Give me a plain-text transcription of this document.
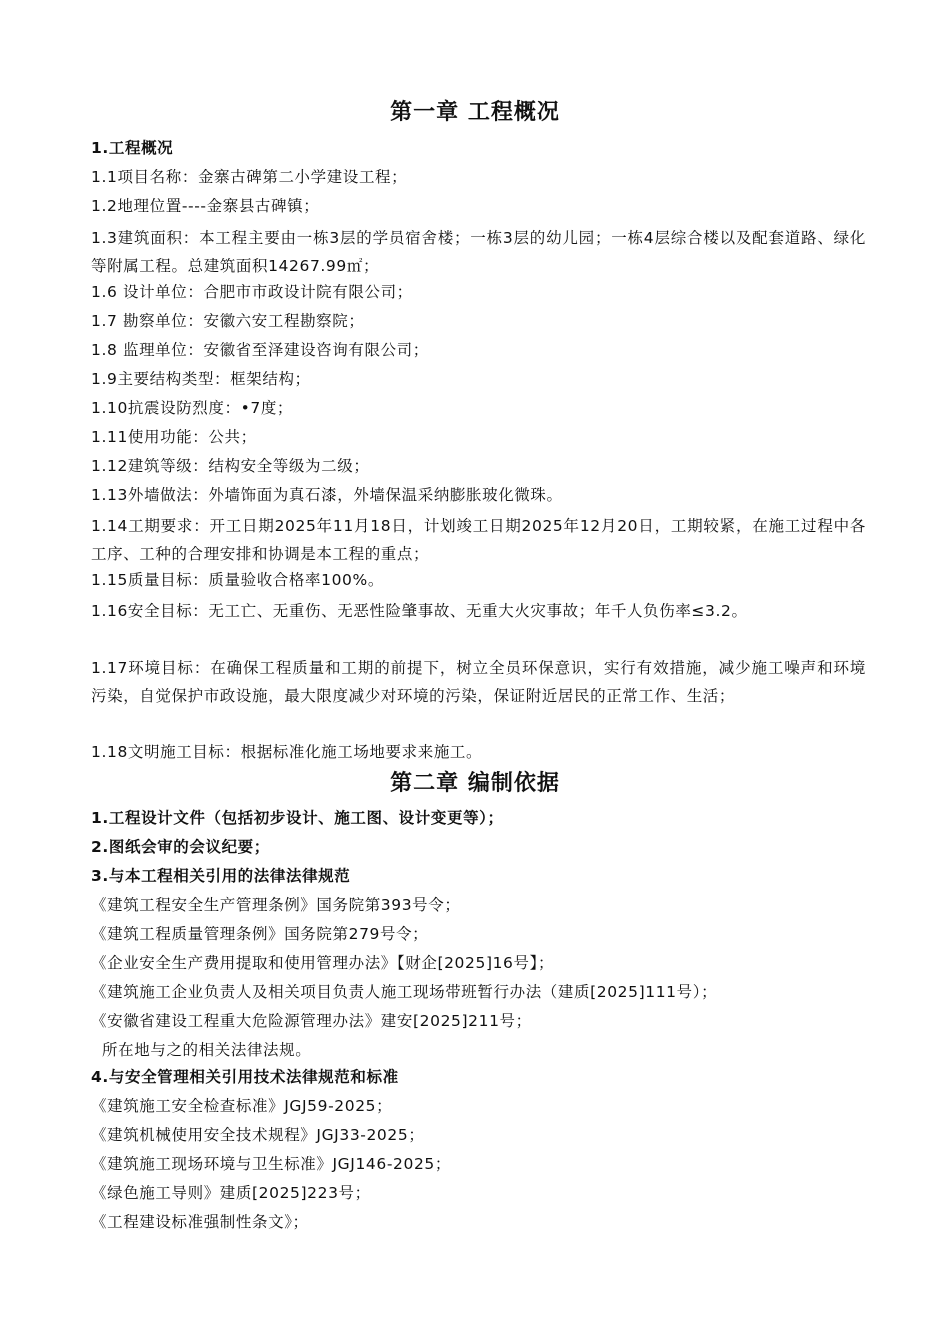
第一章 工程概况
1.工程概况
1.1项目名称：金寨古碑第二小学建设工程；
1.2地理位置----金寨县古碑镇；
1.3建筑面积：本工程主要由一栋3层的学员宿舍楼；一栋3层的幼儿园；一栋4层综合楼以及配套道路、绿化等附属工程。总建筑面积14267.99㎡；
1.6 设计单位：合肥市市政设计院有限公司；
1.7 勘察单位：安徽六安工程勘察院；
1.8 监理单位：安徽省至泽建设咨询有限公司；
1.9主要结构类型：框架结构；
1.10抗震设防烈度：•7度；
1.11使用功能：公共；
1.12建筑等级：结构安全等级为二级；
1.13外墙做法：外墙饰面为真石漆，外墙保温采纳膨胀玻化微珠。
1.14工期要求：开工日期2025年11月18日，计划竣工日期2025年12月20日，工期较紧，在施工过程中各工序、工种的合理安排和协调是本工程的重点；
1.15质量目标：质量验收合格率100%。
1.16安全目标：无工亡、无重伤、无恶性险肇事故、无重大火灾事故；年千人负伤率≤3.2。
1.17环境目标：在确保工程质量和工期的前提下，树立全员环保意识，实行有效措施，减少施工噪声和环境污染，自觉保护市政设施，最大限度减少对环境的污染，保证附近居民的正常工作、生活；
1.18文明施工目标：根据标准化施工场地要求来施工。
第二章 编制依据
1.工程设计文件（包括初步设计、施工图、设计变更等）；
2.图纸会审的会议纪要；
3.与本工程相关引用的法律法律规范
《建筑工程安全生产管理条例》国务院第393号令；
《建筑工程质量管理条例》国务院第279号令；
《企业安全生产费用提取和使用管理办法》【财企[2025]16号】；
《建筑施工企业负责人及相关项目负责人施工现场带班暂行办法（建质[2025]111号）；
《安徽省建设工程重大危险源管理办法》建安[2025]211号；
所在地与之的相关法律法规。
4.与安全管理相关引用技术法律规范和标准
《建筑施工安全检查标准》JGJ59-2025；
《建筑机械使用安全技术规程》JGJ33-2025；
《建筑施工现场环境与卫生标准》JGJ146-2025；
《绿色施工导则》建质[2025]223号；
《工程建设标准强制性条文》；
